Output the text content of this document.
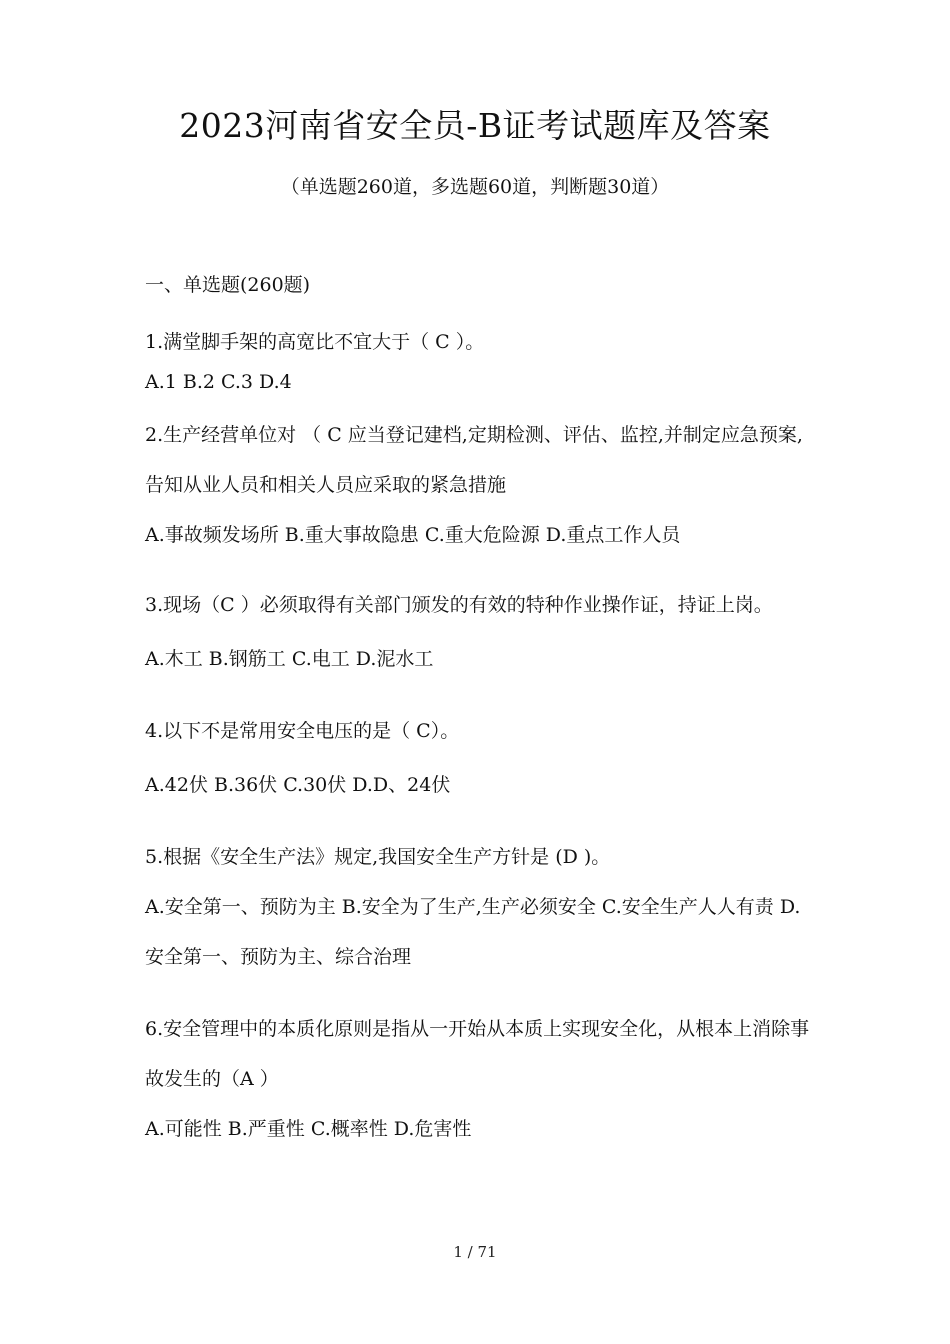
2023河南省安全员-B证考试题库及答案
（单选题260道，多选题60道，判断题30道）
一、单选题(260题)

1.满堂脚手架的高宽比不宜大于（ C ）。

A.1 B.2 C.3 D.4

2.生产经营单位对 （ C 应当登记建档,定期检测、评估、监控,并制定应急预案,告知从业人员和相关人员应采取的紧急措施

A.事故频发场所 B.重大事故隐患 C.重大危险源 D.重点工作人员

3.现场（C ）必须取得有关部门颁发的有效的特种作业操作证，持证上岗。

A.木工 B.钢筋工 C.电工 D.泥水工

4.以下不是常用安全电压的是（ C）。

A.42伏 B.36伏 C.30伏 D.D、24伏

5.根据《安全生产法》规定,我国安全生产方针是 (D )。

A.安全第一、预防为主 B.安全为了生产,生产必须安全 C.安全生产人人有责 D.安全第一、预防为主、综合治理

6.安全管理中的本质化原则是指从一开始从本质上实现安全化，从根本上消除事故发生的（A ）

A.可能性 B.严重性 C.概率性 D.危害性

1 / 71
